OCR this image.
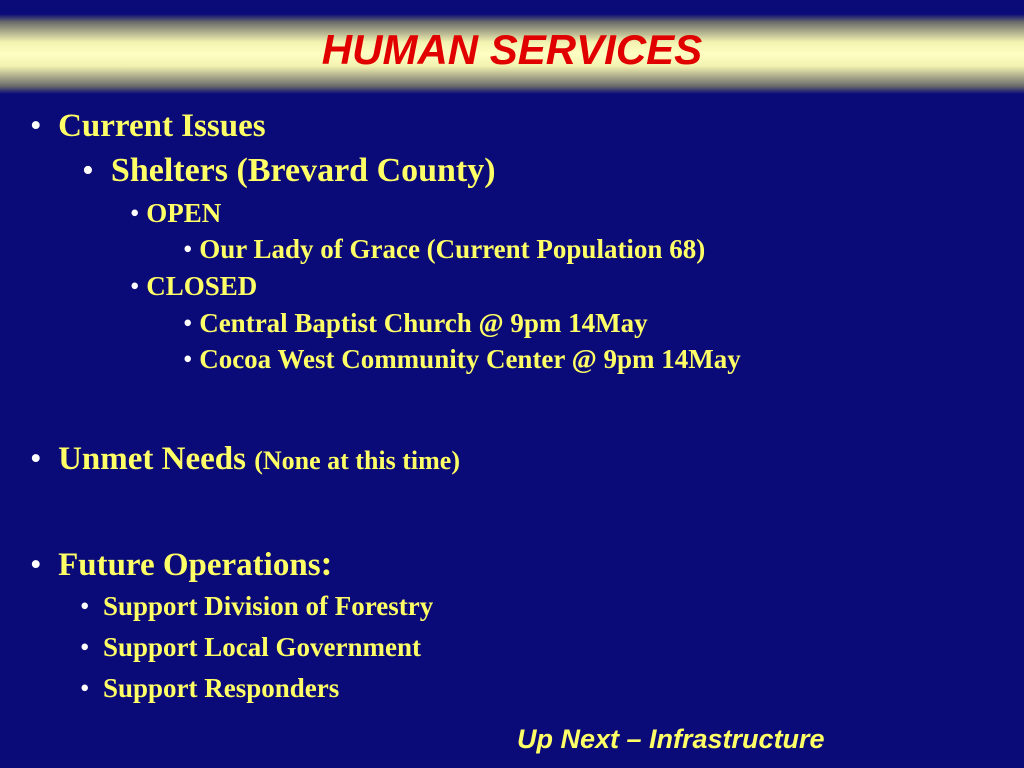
HUMAN SERVICES
• Current Issues
• Shelters (Brevard County)
• OPEN
• Our Lady of Grace (Current Population 68)
• CLOSED
• Central Baptist Church @ 9pm 14May
• Cocoa West Community Center @ 9pm 14May
• Unmet Needs (None at this time)
• Future Operations:
• Support Division of Forestry
• Support Local Government
• Support Responders
Up Next – Infrastructure
